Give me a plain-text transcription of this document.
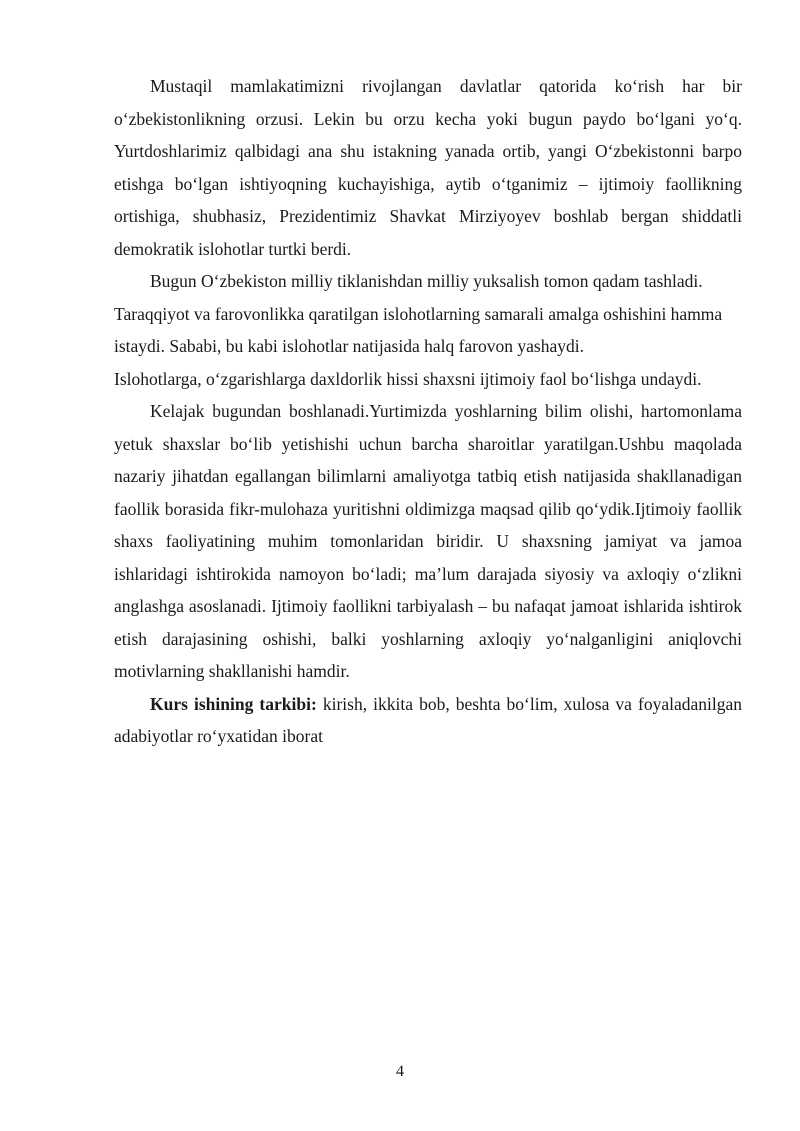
Mustaqil mamlakatimizni rivojlangan davlatlar qatorida ko‘rish har bir o‘zbekistonlikning orzusi. Lekin bu orzu kecha yoki bugun paydo bo‘lgani yo‘q. Yurtdoshlarimiz qalbidagi ana shu istakning yanada ortib, yangi O‘zbekistonni barpo etishga bo‘lgan ishtiyoqning kuchayishiga, aytib o‘tganimiz – ijtimoiy faollikning ortishiga, shubhasiz, Prezidentimiz Shavkat Mirziyoyev boshlab bergan shiddatli demokratik islohotlar turtki berdi.

Bugun O‘zbekiston milliy tiklanishdan milliy yuksalish tomon qadam tashladi. Taraqqiyot va farovonlikka qaratilgan islohotlarning samarali amalga oshishini hamma istaydi. Sababi, bu kabi islohotlar natijasida halq farovon yashaydi.

Islohotlarga, o‘zgarishlarga daxldorlik hissi shaxsni ijtimoiy faol bo‘lishga undaydi.

Kelajak bugundan boshlanadi.Yurtimizda yoshlarning bilim olishi, hartomonlama yetuk shaxslar bo‘lib yetishishi uchun barcha sharoitlar yaratilgan.Ushbu maqolada nazariy jihatdan egallangan bilimlarni amaliyotga tatbiq etish natijasida shakllanadigan faollik borasida fikr-mulohaza yuritishni oldimizga maqsad qilib qo‘ydik.Ijtimoiy faollik shaxs faoliyatining muhim tomonlaridan biridir. U shaxsning jamiyat va jamoa ishlaridagi ishtirokida namoyon bo‘ladi; ma’lum darajada siyosiy va axloqiy o‘zlikni anglashga asoslanadi. Ijtimoiy faollikni tarbiyalash – bu nafaqat jamoat ishlarida ishtirok etish darajasining oshishi, balki yoshlarning axloqiy yo‘nalganligini aniqlovchi motivlarning shakllanishi hamdir.

Kurs ishining tarkibi: kirish, ikkita bob, beshta bo‘lim, xulosa va foyaladanilgan adabiyotlar ro‘yxatidan iborat

4
